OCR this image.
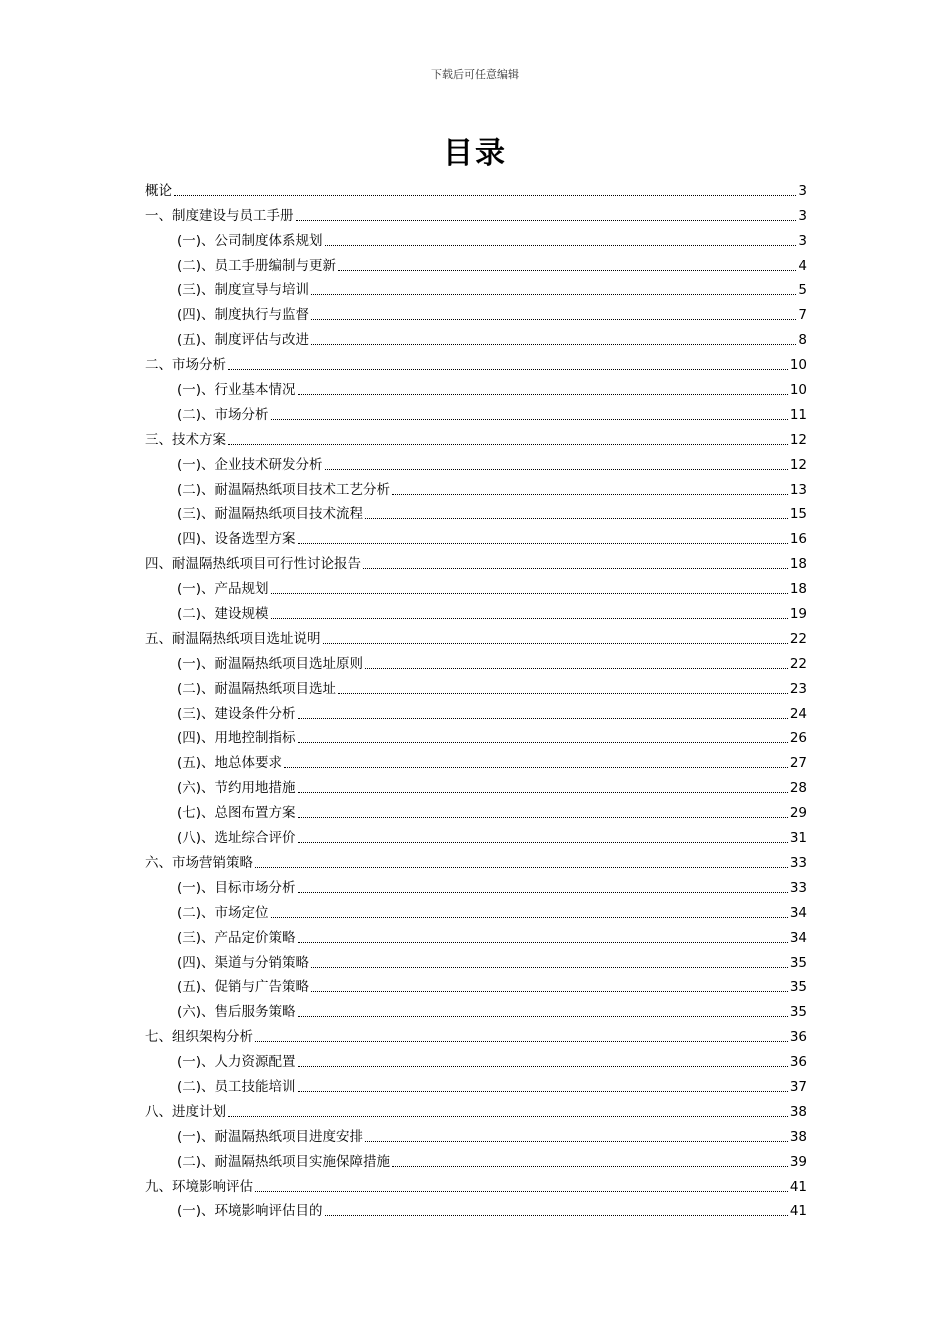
下载后可任意编辑
目录
概论	3
一、制度建设与员工手册	3
(一)、公司制度体系规划	3
(二)、员工手册编制与更新	4
(三)、制度宣导与培训	5
(四)、制度执行与监督	7
(五)、制度评估与改进	8
二、市场分析	10
(一)、行业基本情况	10
(二)、市场分析	11
三、技术方案	12
(一)、企业技术研发分析	12
(二)、耐温隔热纸项目技术工艺分析	13
(三)、耐温隔热纸项目技术流程	15
(四)、设备选型方案	16
四、耐温隔热纸项目可行性讨论报告	18
(一)、产品规划	18
(二)、建设规模	19
五、耐温隔热纸项目选址说明	22
(一)、耐温隔热纸项目选址原则	22
(二)、耐温隔热纸项目选址	23
(三)、建设条件分析	24
(四)、用地控制指标	26
(五)、地总体要求	27
(六)、节约用地措施	28
(七)、总图布置方案	29
(八)、选址综合评价	31
六、市场营销策略	33
(一)、目标市场分析	33
(二)、市场定位	34
(三)、产品定价策略	34
(四)、渠道与分销策略	35
(五)、促销与广告策略	35
(六)、售后服务策略	35
七、组织架构分析	36
(一)、人力资源配置	36
(二)、员工技能培训	37
八、进度计划	38
(一)、耐温隔热纸项目进度安排	38
(二)、耐温隔热纸项目实施保障措施	39
九、环境影响评估	41
(一)、环境影响评估目的	41
